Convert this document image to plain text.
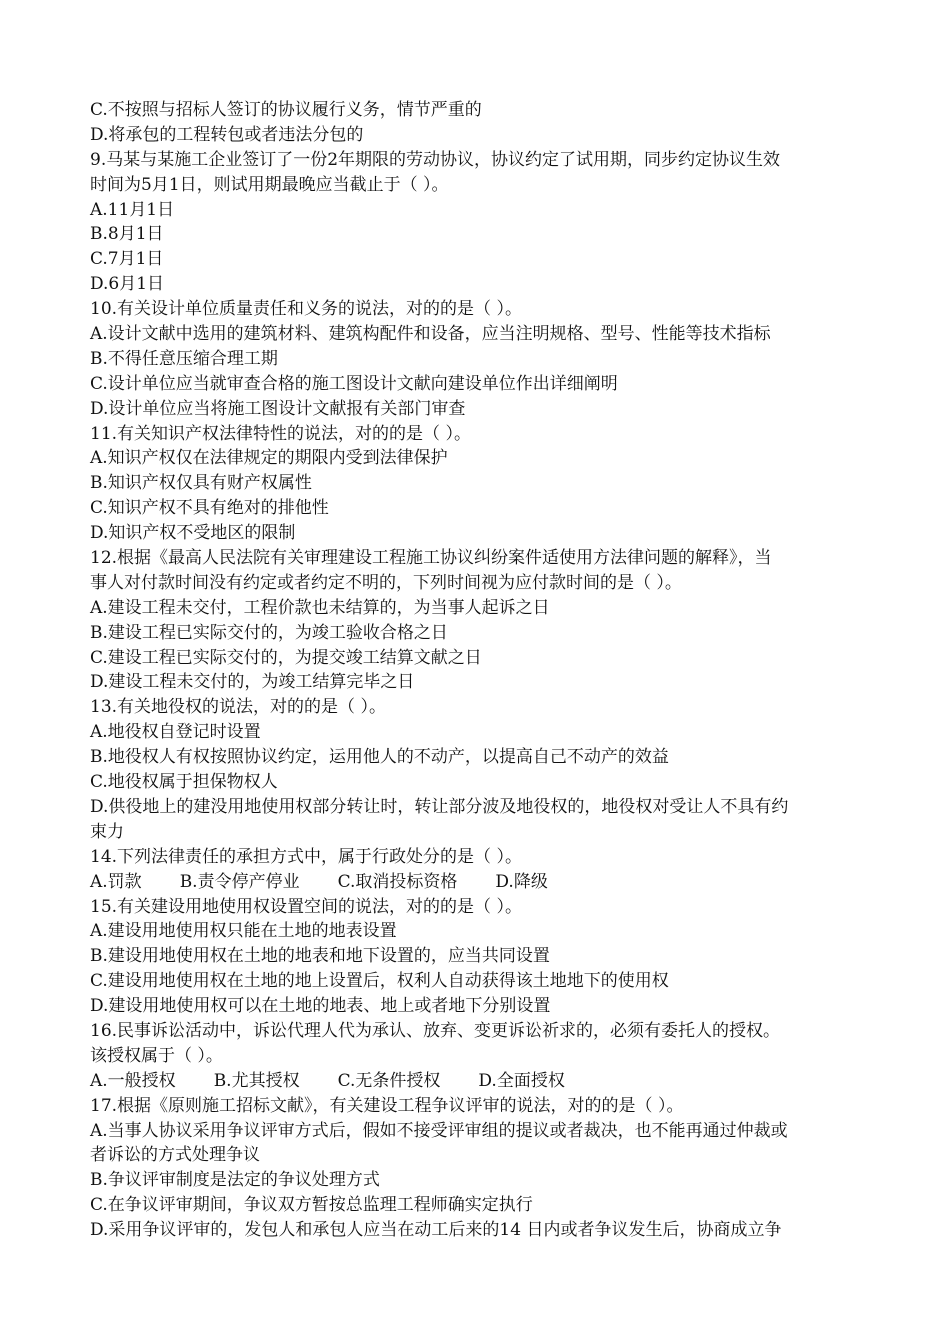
C.不按照与招标人签订的协议履行义务，情节严重的
D.将承包的工程转包或者违法分包的
9.马某与某施工企业签订了一份2年期限的劳动协议，协议约定了试用期，同步约定协议生效
时间为5月1日，则试用期最晚应当截止于（ ）。
A.11月1日
B.8月1日
C.7月1日
D.6月1日
10.有关设计单位质量责任和义务的说法，对的的是（ ）。
A.设计文献中选用的建筑材料、建筑构配件和设备，应当注明规格、型号、性能等技术指标
B.不得任意压缩合理工期
C.设计单位应当就审查合格的施工图设计文献向建设单位作出详细阐明
D.设计单位应当将施工图设计文献报有关部门审查
11.有关知识产权法律特性的说法，对的的是（ ）。
A.知识产权仅在法律规定的期限内受到法律保护
B.知识产权仅具有财产权属性
C.知识产权不具有绝对的排他性
D.知识产权不受地区的限制
12.根据《最高人民法院有关审理建设工程施工协议纠纷案件适使用方法律问题的解释》，当
事人对付款时间没有约定或者约定不明的，下列时间视为应付款时间的是（ ）。
A.建设工程未交付，工程价款也未结算的，为当事人起诉之日
B.建设工程已实际交付的，为竣工验收合格之日
C.建设工程已实际交付的，为提交竣工结算文献之日
D.建设工程未交付的，为竣工结算完毕之日
13.有关地役权的说法，对的的是（ ）。
A.地役权自登记时设置
B.地役权人有权按照协议约定，运用他人的不动产，以提高自己不动产的效益
C.地役权属于担保物权人
D.供役地上的建没用地使用权部分转让时，转让部分波及地役权的，地役权对受让人不具有约
束力
14.下列法律责任的承担方式中，属于行政处分的是（ ）。
A.罚款 B.责令停产停业 C.取消投标资格 D.降级
15.有关建设用地使用权设置空间的说法，对的的是（ ）。
A.建设用地使用权只能在土地的地表设置
B.建设用地使用权在土地的地表和地下设置的，应当共同设置
C.建设用地使用权在土地的地上设置后，权利人自动获得该土地地下的使用权
D.建设用地使用权可以在土地的地表、地上或者地下分别设置
16.民事诉讼活动中，诉讼代理人代为承认、放弃、变更诉讼祈求的，必须有委托人的授权。
该授权属于（ ）。
A.一般授权 B.尤其授权 C.无条件授权 D.全面授权
17.根据《原则施工招标文献》，有关建设工程争议评审的说法，对的的是（ ）。
A.当事人协议采用争议评审方式后，假如不接受评审组的提议或者裁决，也不能再通过仲裁或
者诉讼的方式处理争议
B.争议评审制度是法定的争议处理方式
C.在争议评审期间，争议双方暂按总监理工程师确实定执行
D.采用争议评审的，发包人和承包人应当在动工后来的14 日内或者争议发生后，协商成立争
